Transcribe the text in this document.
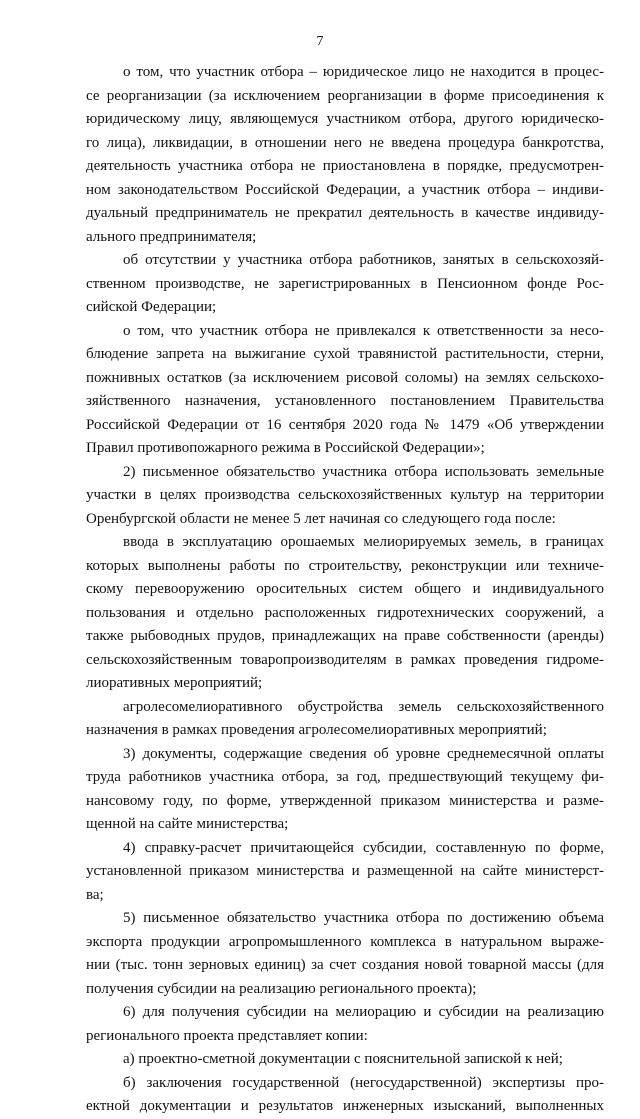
7
о том, что участник отбора – юридическое лицо не находится в процес-
се реорганизации (за исключением реорганизации в форме присоединения к
юридическому лицу, являющемуся участником отбора, другого юридическо-
го лица), ликвидации, в отношении него не введена процедура банкротства,
деятельность участника отбора не приостановлена в порядке, предусмотрен-
ном законодательством Российской Федерации, а участник отбора – индиви-
дуальный предприниматель не прекратил деятельность в качестве индивиду-
ального предпринимателя;
об отсутствии у участника отбора работников, занятых в сельскохозяй-
ственном производстве, не зарегистрированных в Пенсионном фонде Рос-
сийской Федерации;
о том, что участник отбора не привлекался к ответственности за несо-
блюдение запрета на выжигание сухой травянистой растительности, стерни,
пожнивных остатков (за исключением рисовой соломы) на землях сельскохо-
зяйственного назначения, установленного постановлением Правительства
Российской Федерации от 16 сентября 2020 года № 1479 «Об утверждении
Правил противопожарного режима в Российской Федерации»;
2) письменное обязательство участника отбора использовать земельные
участки в целях производства сельскохозяйственных культур на территории
Оренбургской области не менее 5 лет начиная со следующего года после:
ввода в эксплуатацию орошаемых мелиорируемых земель, в границах
которых выполнены работы по строительству, реконструкции или техниче-
скому перевооружению оросительных систем общего и индивидуального
пользования и отдельно расположенных гидротехнических сооружений, а
также рыбоводных прудов, принадлежащих на праве собственности (аренды)
сельскохозяйственным товаропроизводителям в рамках проведения гидроме-
лиоративных мероприятий;
агролесомелиоративного обустройства земель сельскохозяйственного
назначения в рамках проведения агролесомелиоративных мероприятий;
3) документы, содержащие сведения об уровне среднемесячной оплаты
труда работников участника отбора, за год, предшествующий текущему фи-
нансовому году, по форме, утвержденной приказом министерства и разме-
щенной на сайте министерства;
4) справку-расчет причитающейся субсидии, составленную по форме,
установленной приказом министерства и размещенной на сайте министерст-
ва;
5) письменное обязательство участника отбора по достижению объема
экспорта продукции агропромышленного комплекса в натуральном выраже-
нии (тыс. тонн зерновых единиц) за счет создания новой товарной массы (для
получения субсидии на реализацию регионального проекта);
6) для получения субсидии на мелиорацию и субсидии на реализацию
регионального проекта представляет копии:
а) проектно-сметной документации с пояснительной запиской к ней;
б) заключения государственной (негосударственной) экспертизы про-
ектной документации и результатов инженерных изысканий, выполненных
